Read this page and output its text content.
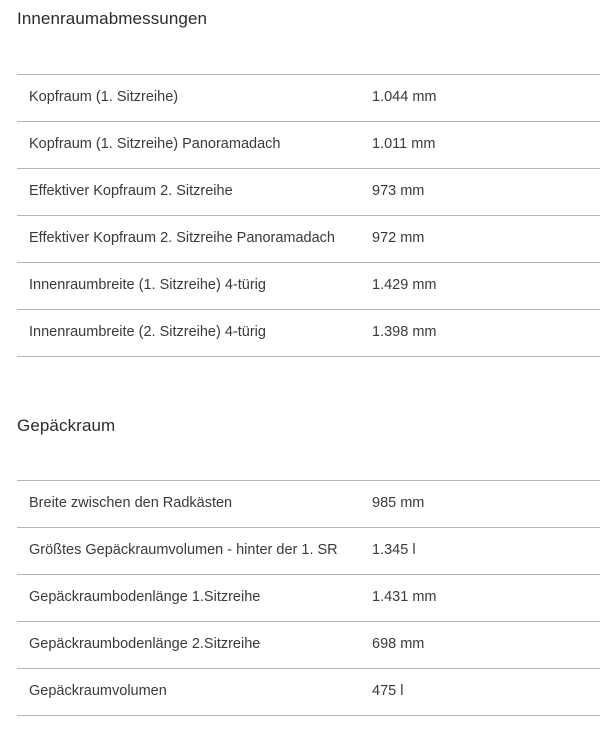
Innenraumabmessungen
Kopfraum (1. Sitzreihe)	1.044 mm
Kopfraum (1. Sitzreihe) Panoramadach	1.011 mm
Effektiver Kopfraum 2. Sitzreihe	973 mm
Effektiver Kopfraum 2. Sitzreihe Panoramadach	972 mm
Innenraumbreite (1. Sitzreihe) 4-türig	1.429 mm
Innenraumbreite (2. Sitzreihe) 4-türig	1.398 mm
Gepäckraum
Breite zwischen den Radkästen	985 mm
Größtes Gepäckraumvolumen - hinter der 1. SR	1.345 l
Gepäckraumbodenlänge 1.Sitzreihe	1.431 mm
Gepäckraumbodenlänge 2.Sitzreihe	698 mm
Gepäckraumvolumen	475 l
